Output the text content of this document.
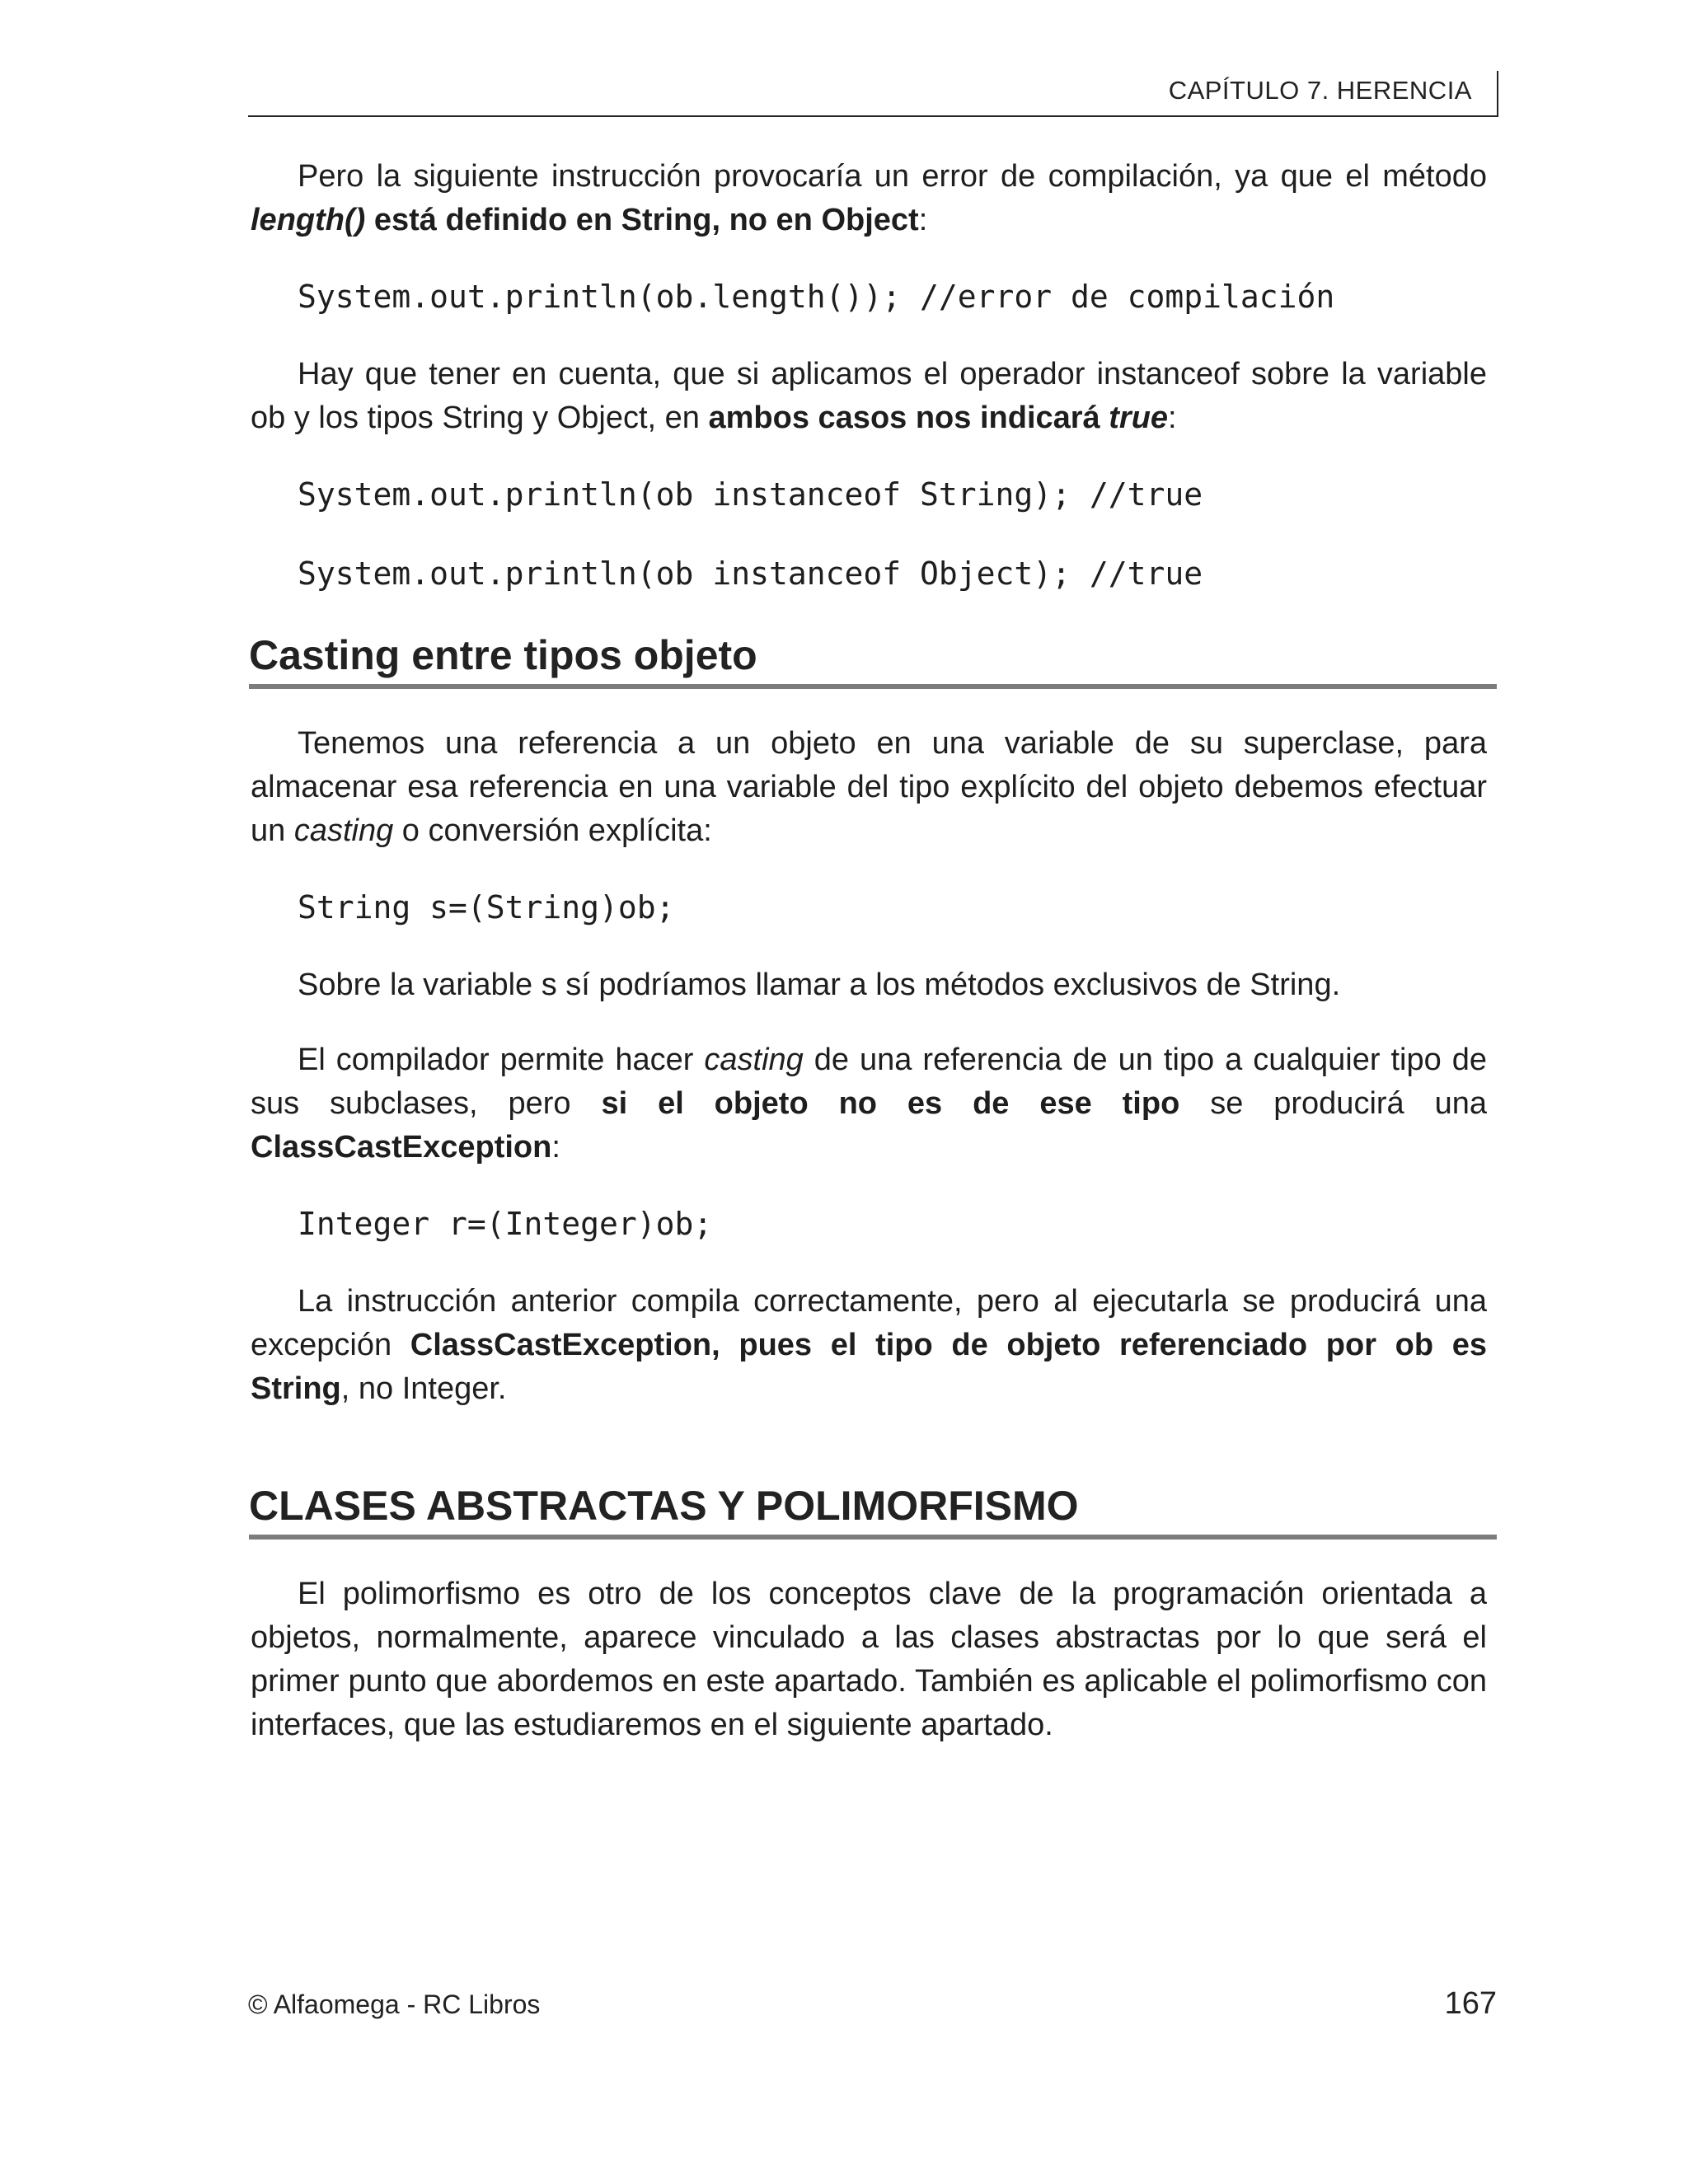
CAPÍTULO 7. HERENCIA

Pero la siguiente instrucción provocaría un error de compilación, ya que el método length() está definido en String, no en Object:

System.out.println(ob.length()); //error de compilación

Hay que tener en cuenta, que si aplicamos el operador instanceof sobre la variable ob y los tipos String y Object, en ambos casos nos indicará true:

System.out.println(ob instanceof String); //true
System.out.println(ob instanceof Object); //true
Casting entre tipos objeto

Tenemos una referencia a un objeto en una variable de su superclase, para almacenar esa referencia en una variable del tipo explícito del objeto debemos efectuar un casting o conversión explícita:

String s=(String)ob;

Sobre la variable s sí podríamos llamar a los métodos exclusivos de String.

El compilador permite hacer casting de una referencia de un tipo a cualquier tipo de sus subclases, pero si el objeto no es de ese tipo se producirá una ClassCastException:

Integer r=(Integer)ob;

La instrucción anterior compila correctamente, pero al ejecutarla se producirá una excepción ClassCastException, pues el tipo de objeto referenciado por ob es String, no Integer.

CLASES ABSTRACTAS Y POLIMORFISMO

El polimorfismo es otro de los conceptos clave de la programación orientada a objetos, normalmente, aparece vinculado a las clases abstractas por lo que será el primer punto que abordemos en este apartado. También es aplicable el polimorfismo con interfaces, que las estudiaremos en el siguiente apartado.

© Alfaomega - RC Libros	167
